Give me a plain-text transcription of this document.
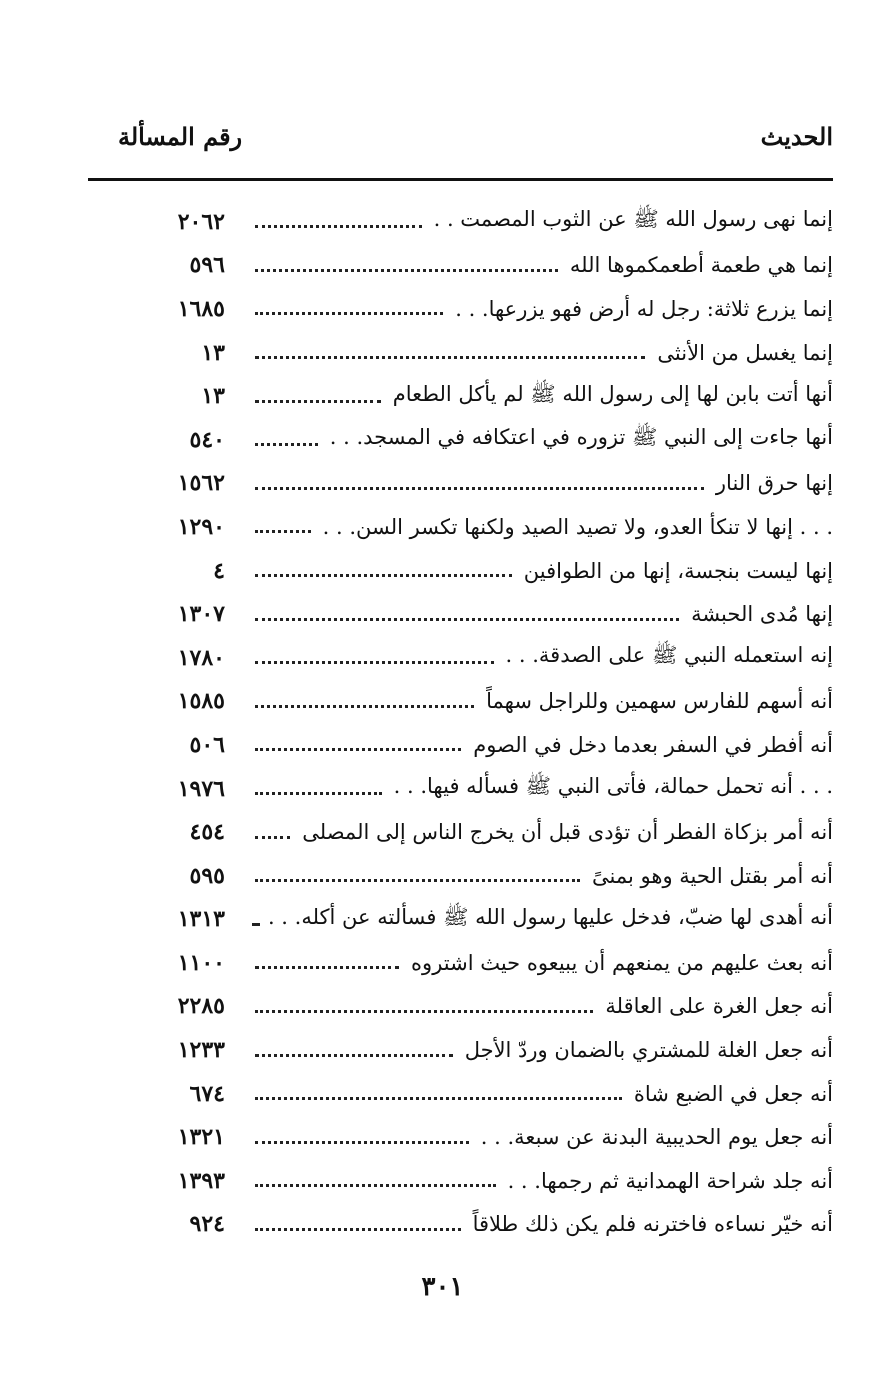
الحديث
رقم المسألة
٢٠٦٢	إنما نهى رسول الله ﷺ عن الثوب المصمت . .
٥٩٦	إنما هي طعمة أطعمكموها الله
١٦٨٥	إنما يزرع ثلاثة: رجل له أرض فهو يزرعها. . .
١٣	إنما يغسل من الأنثى
١٣	أنها أتت بابن لها إلى رسول الله ﷺ لم يأكل الطعام
٥٤٠	أنها جاءت إلى النبي ﷺ تزوره في اعتكافه في المسجد. . .
١٥٦٢	إنها حرق النار
١٢٩٠	. . . إنها لا تنكأ العدو، ولا تصيد الصيد ولكنها تكسر السن. . .
٤	إنها ليست بنجسة، إنها من الطوافين
١٣٠٧	إنها مُدى الحبشة
١٧٨٠	إنه استعمله النبي ﷺ على الصدقة. . .
١٥٨٥	أنه أسهم للفارس سهمين وللراجل سهماً
٥٠٦	أنه أفطر في السفر بعدما دخل في الصوم
١٩٧٦	. . . أنه تحمل حمالة، فأتى النبي ﷺ فسأله فيها. . .
٤٥٤	أنه أمر بزكاة الفطر أن تؤدى قبل أن يخرج الناس إلى المصلى
٥٩٥	أنه أمر بقتل الحية وهو بمنىً
١٣١٣ أنه أهدى لها ضبّ، فدخل عليها رسول الله ﷺ فسألته عن أكله. . .
١١٠٠	أنه بعث عليهم من يمنعهم أن يبيعوه حيث اشتروه
٢٢٨٥	أنه جعل الغرة على العاقلة
١٢٣٣	أنه جعل الغلة للمشتري بالضمان وردّ الأجل
٦٧٤	أنه جعل في الضبع شاة
١٣٢١	أنه جعل يوم الحديبية البدنة عن سبعة. . .
١٣٩٣	أنه جلد شراحة الهمدانية ثم رجمها. . .
٩٢٤	أنه خيّر نساءه فاخترنه فلم يكن ذلك طلاقاً
٣٠١
